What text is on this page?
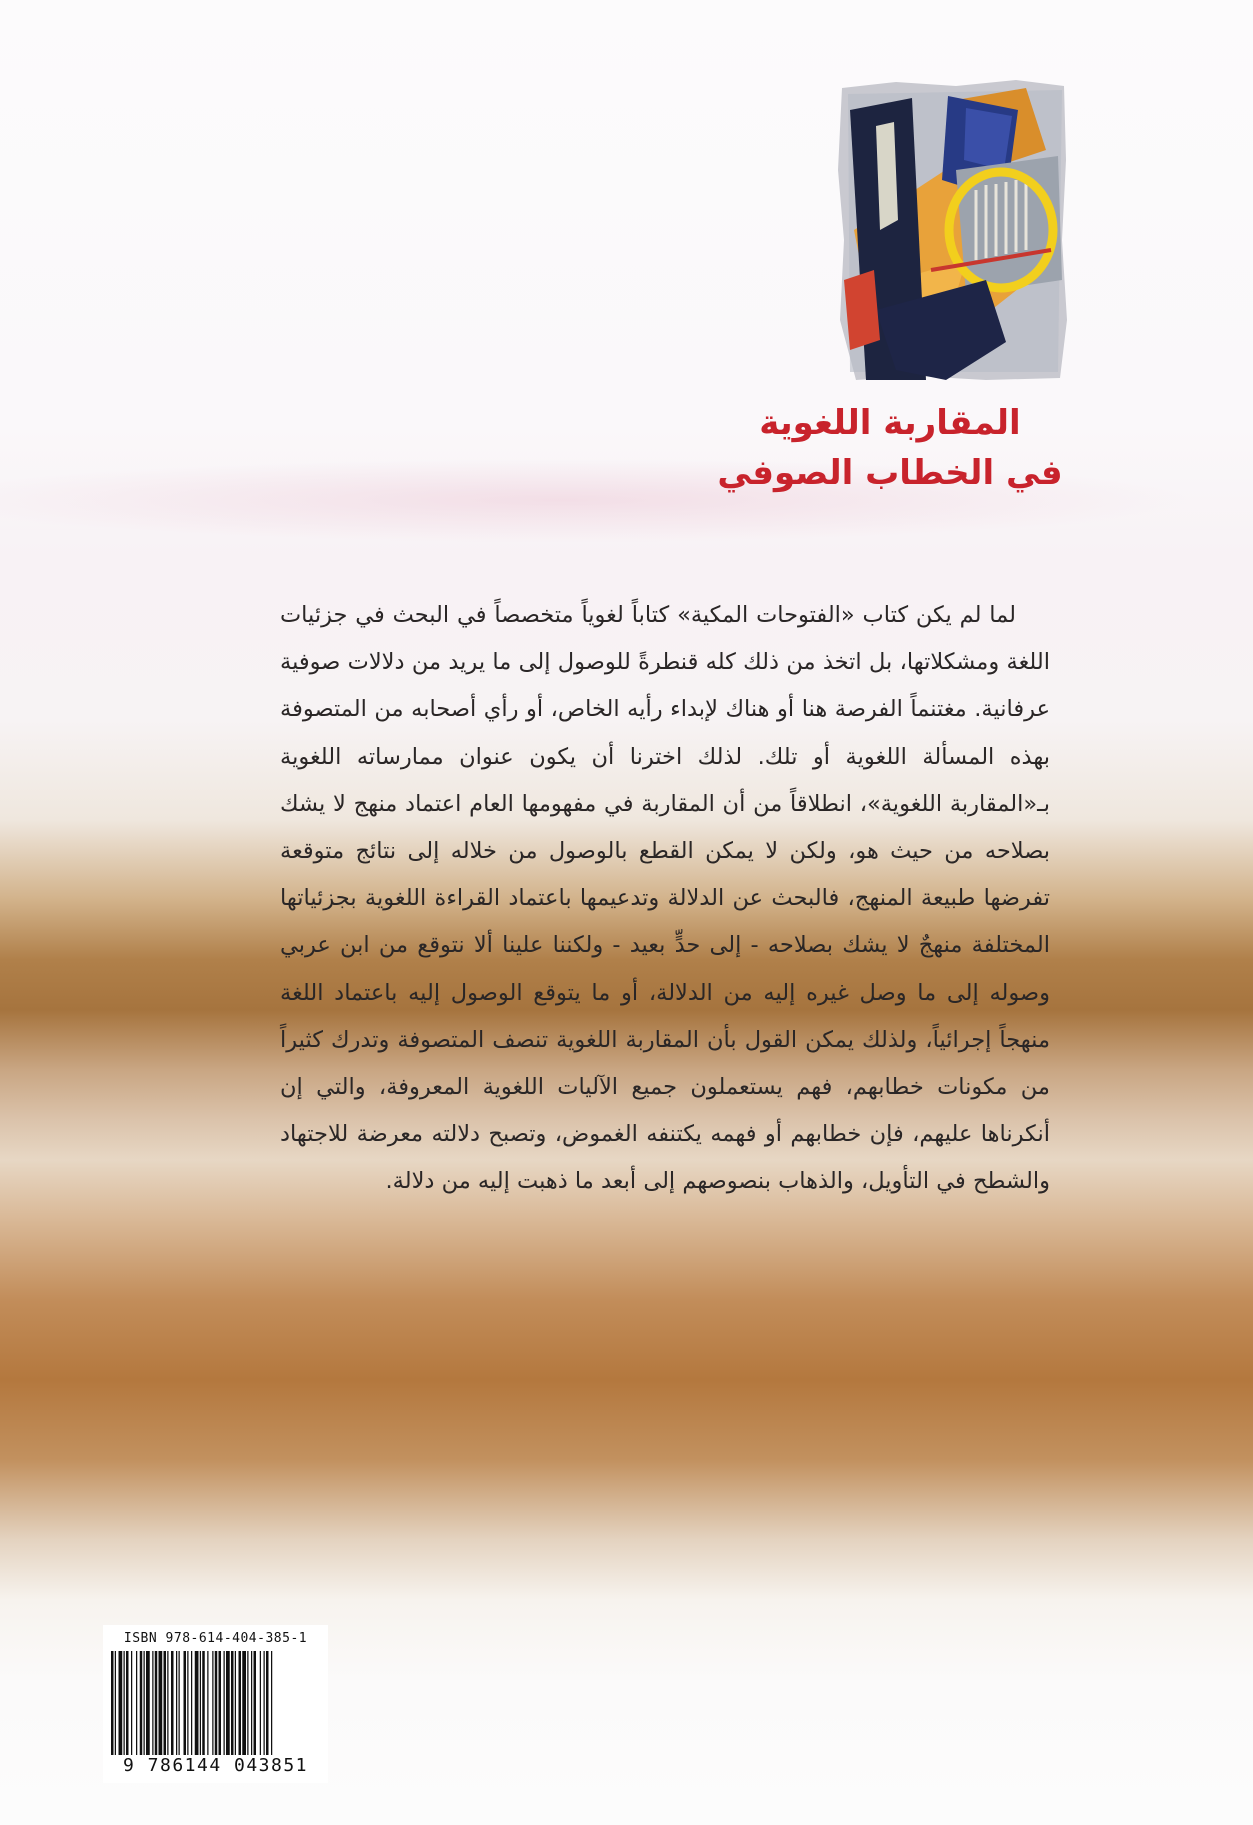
المقاربة اللغوية
في الخطاب الصوفي

لما لم يكن كتاب «الفتوحات المكية» كتاباً لغوياً متخصصاً في البحث في جزئيات اللغة ومشكلاتها، بل اتخذ من ذلك كله قنطرةً للوصول إلى ما يريد من دلالات صوفية عرفانية. مغتنماً الفرصة هنا أو هناك لإبداء رأيه الخاص، أو رأي أصحابه من المتصوفة بهذه المسألة اللغوية أو تلك. لذلك اخترنا أن يكون عنوان ممارساته اللغوية بـ«المقاربة اللغوية»، انطلاقاً من أن المقاربة في مفهومها العام اعتماد منهج لا يشك بصلاحه من حيث هو، ولكن لا يمكن القطع بالوصول من خلاله إلى نتائج متوقعة تفرضها طبيعة المنهج، فالبحث عن الدلالة وتدعيمها باعتماد القراءة اللغوية بجزئياتها المختلفة منهجٌ لا يشك بصلاحه - إلى حدٍّ بعيد - ولكننا علينا ألا نتوقع من ابن عربي وصوله إلى ما وصل غيره إليه من الدلالة، أو ما يتوقع الوصول إليه باعتماد اللغة منهجاً إجرائياً، ولذلك يمكن القول بأن المقاربة اللغوية تنصف المتصوفة وتدرك كثيراً من مكونات خطابهم، فهم يستعملون جميع الآليات اللغوية المعروفة، والتي إن أنكرناها عليهم، فإن خطابهم أو فهمه يكتنفه الغموض، وتصبح دلالته معرضة للاجتهاد والشطح في التأويل، والذهاب بنصوصهم إلى أبعد ما ذهبت إليه من دلالة.

ISBN 978-614-404-385-1
9 786144 043851
